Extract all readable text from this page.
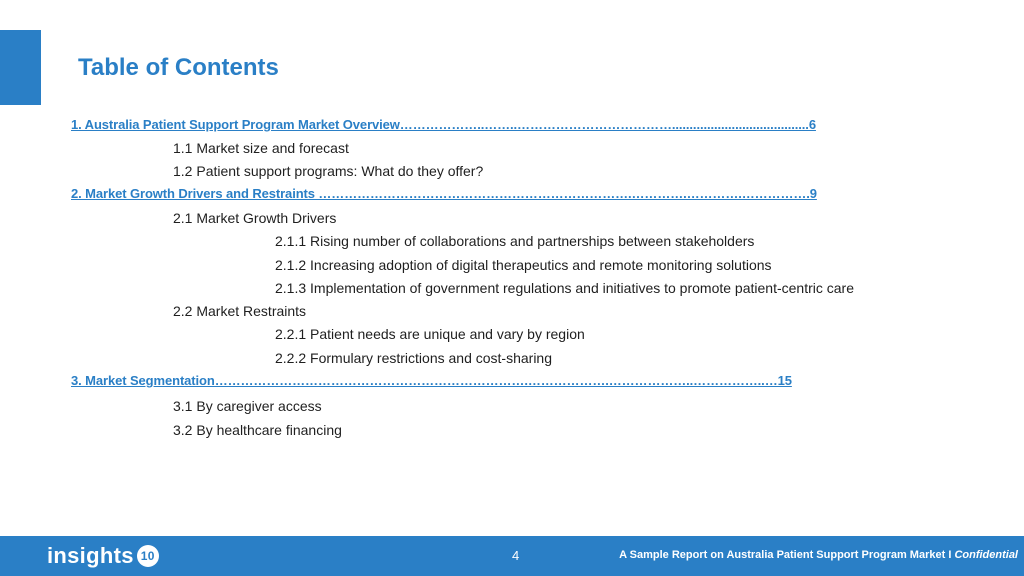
Table of Contents
1. Australia Patient Support Program Market Overview………………..……..……………………………….......................................6
1.1 Market size and forecast
1.2 Patient support programs: What do they offer?
2. Market Growth Drivers and Restraints ……………………………………………………………….………….………….…………….9
2.1 Market Growth Drivers
2.1.1 Rising number of collaborations and partnerships between stakeholders
2.1.2 Increasing adoption of digital therapeutics and remote monitoring solutions
2.1.3 Implementation of government regulations and initiatives to promote patient-centric care
2.2 Market Restraints
2.2.1 Patient needs are unique and vary by region
2.2.2 Formulary restrictions and cost-sharing
3. Market Segmentation……………………………………………………………….……………….………………..……………..…15
3.1 By caregiver access
3.2 By healthcare financing
insights 10	4	A Sample Report on Australia Patient Support Program Market I Confidential
